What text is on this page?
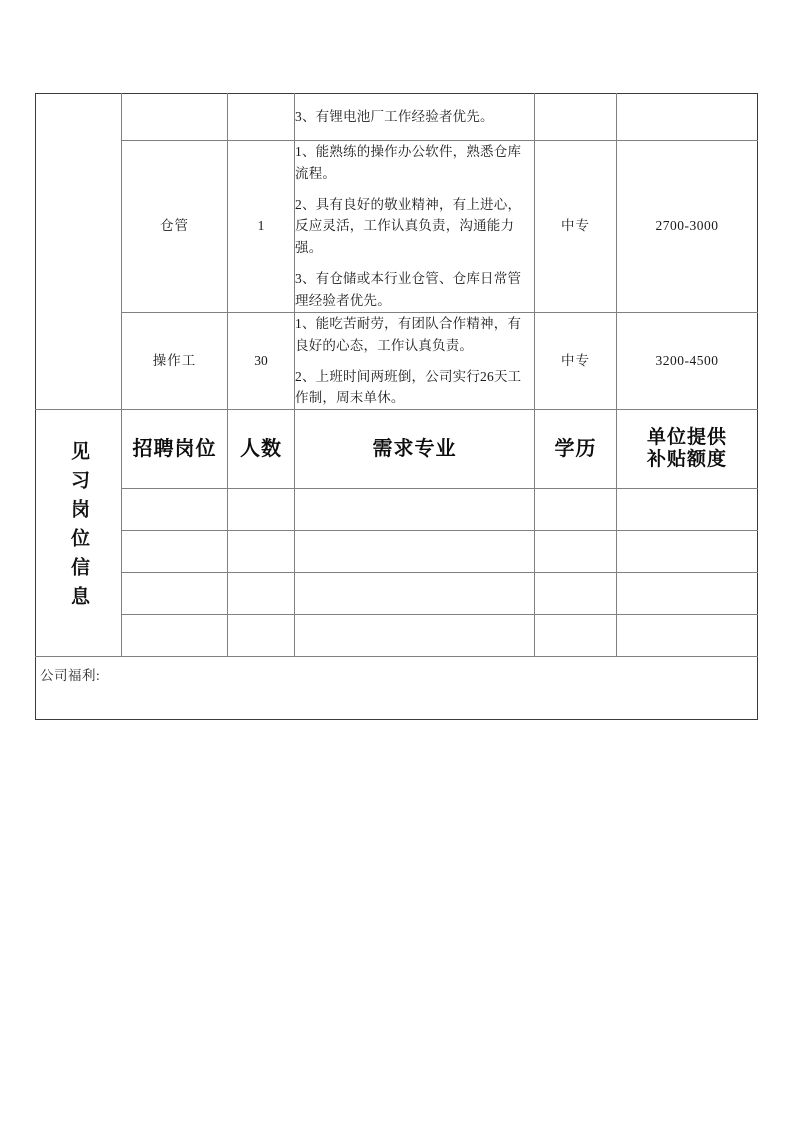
			3、有锂电池厂工作经验者优先。		

	仓管	1	1、能熟练的操作办公软件，熟悉仓库流程。

2、具有良好的敬业精神，有上进心，反应灵活，工作认真负责，沟通能力强。

3、有仓储或本行业仓管、仓库日常管理经验者优先。	中专	2700-3000
	操作工	30	1、能吃苦耐劳，有团队合作精神，有良好的心态，工作认真负责。

2、上班时间两班倒，公司实行26天工作制，周末单休。	中专	3200-4500
见习岗位信息	招聘岗位	人数	需求专业	学历	单位提供
补贴额度

公司福利:					
